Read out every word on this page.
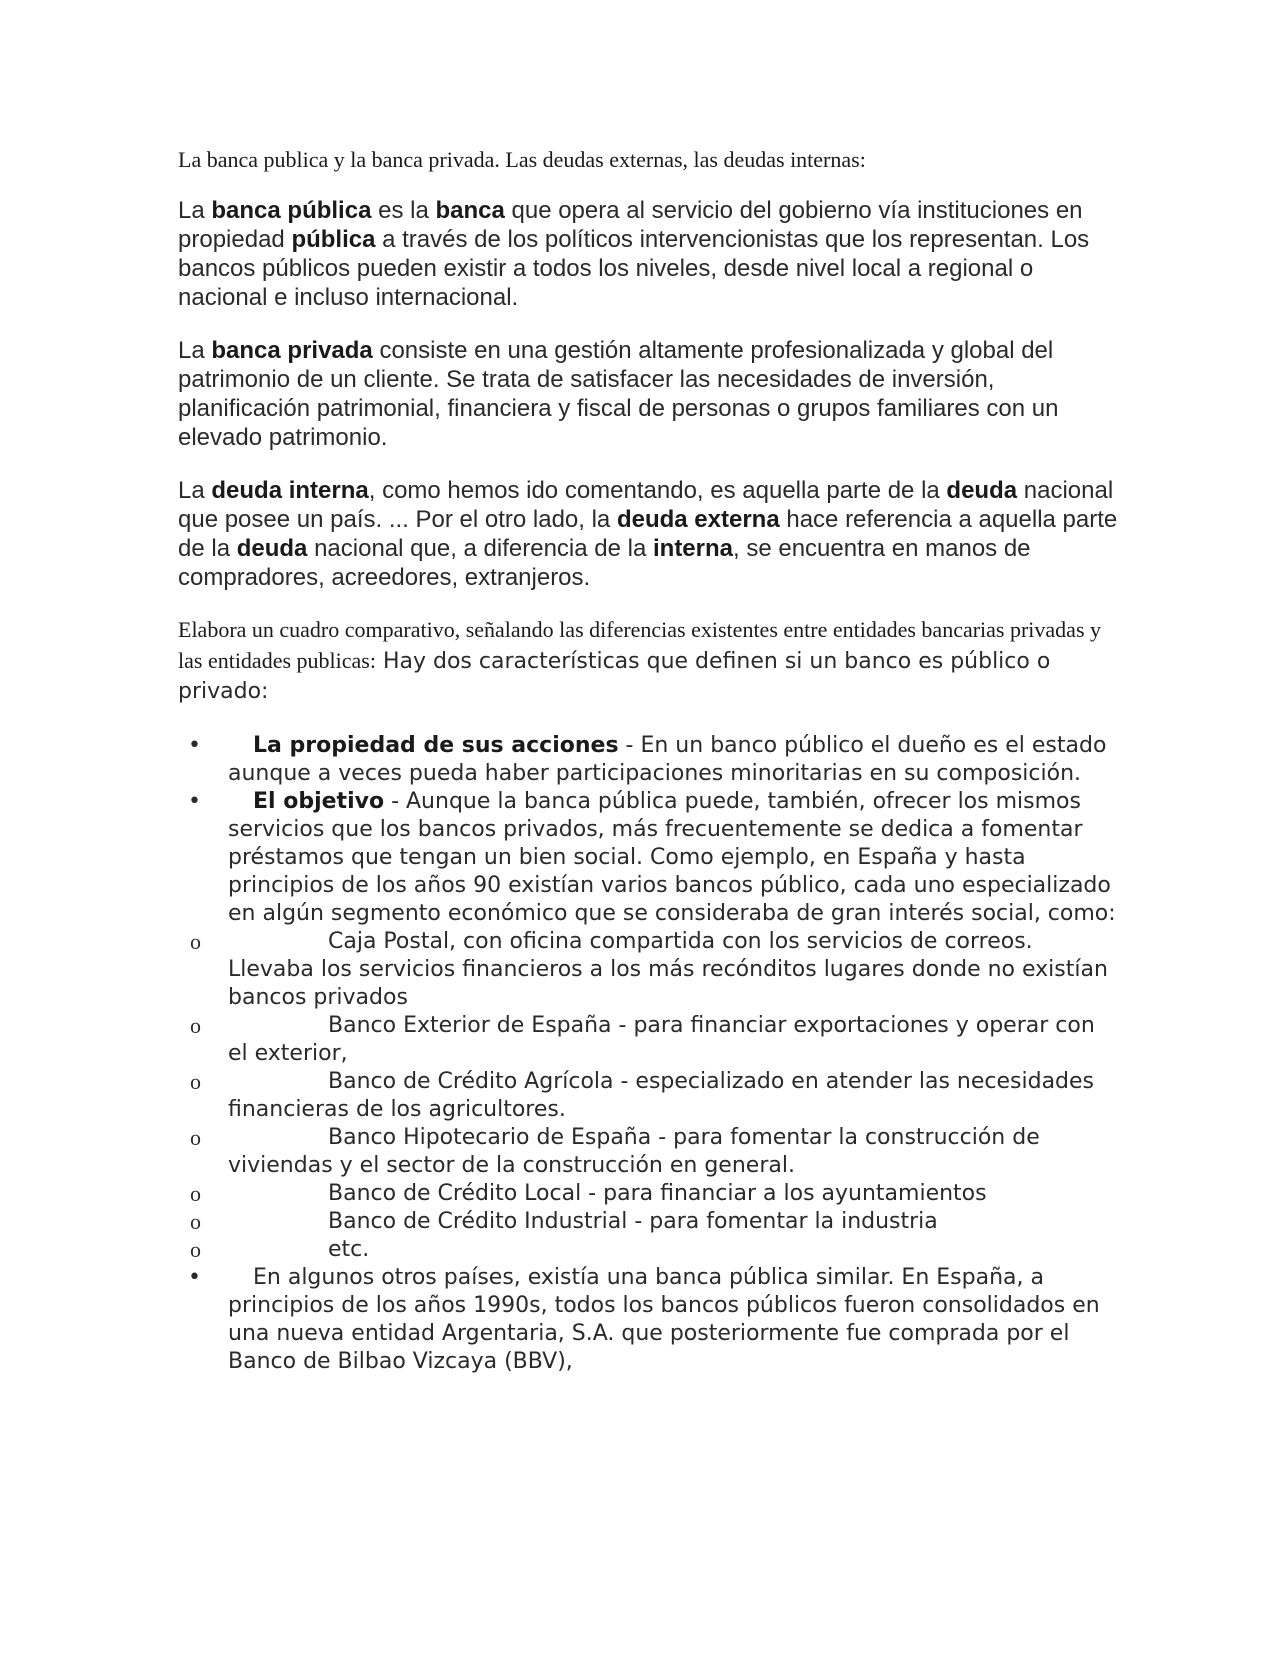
La banca publica y la banca privada. Las deudas externas, las deudas internas:

La banca pública es la banca que opera al servicio del gobierno vía instituciones en propiedad pública a través de los políticos intervencionistas que los representan. Los bancos públicos pueden existir a todos los niveles, desde nivel local a regional o nacional e incluso internacional.

La banca privada consiste en una gestión altamente profesionalizada y global del patrimonio de un cliente. Se trata de satisfacer las necesidades de inversión, planificación patrimonial, financiera y fiscal de personas o grupos familiares con un elevado patrimonio.

La deuda interna, como hemos ido comentando, es aquella parte de la deuda nacional que posee un país. ... Por el otro lado, la deuda externa hace referencia a aquella parte de la deuda nacional que, a diferencia de la interna, se encuentra en manos de compradores, acreedores, extranjeros.

Elabora un cuadro comparativo, señalando las diferencias existentes entre entidades bancarias privadas y las entidades publicas: Hay dos características que definen si un banco es público o privado:

• La propiedad de sus acciones - En un banco público el dueño es el estado aunque a veces pueda haber participaciones minoritarias en su composición.
• El objetivo - Aunque la banca pública puede, también, ofrecer los mismos servicios que los bancos privados, más frecuentemente se dedica a fomentar préstamos que tengan un bien social. Como ejemplo, en España y hasta principios de los años 90 existían varios bancos público, cada uno especializado en algún segmento económico que se consideraba de gran interés social, como:
o	Caja Postal, con oficina compartida con los servicios de correos. Llevaba los servicios financieros a los más recónditos lugares donde no existían bancos privados
o	Banco Exterior de España - para financiar exportaciones y operar con el exterior,
o	Banco de Crédito Agrícola - especializado en atender las necesidades financieras de los agricultores.
o	Banco Hipotecario de España - para fomentar la construcción de viviendas y el sector de la construcción en general.
o	Banco de Crédito Local - para financiar a los ayuntamientos
o	Banco de Crédito Industrial - para fomentar la industria
o	etc.
• En algunos otros países, existía una banca pública similar. En España, a principios de los años 1990s, todos los bancos públicos fueron consolidados en una nueva entidad Argentaria, S.A. que posteriormente fue comprada por el Banco de Bilbao Vizcaya (BBV),
